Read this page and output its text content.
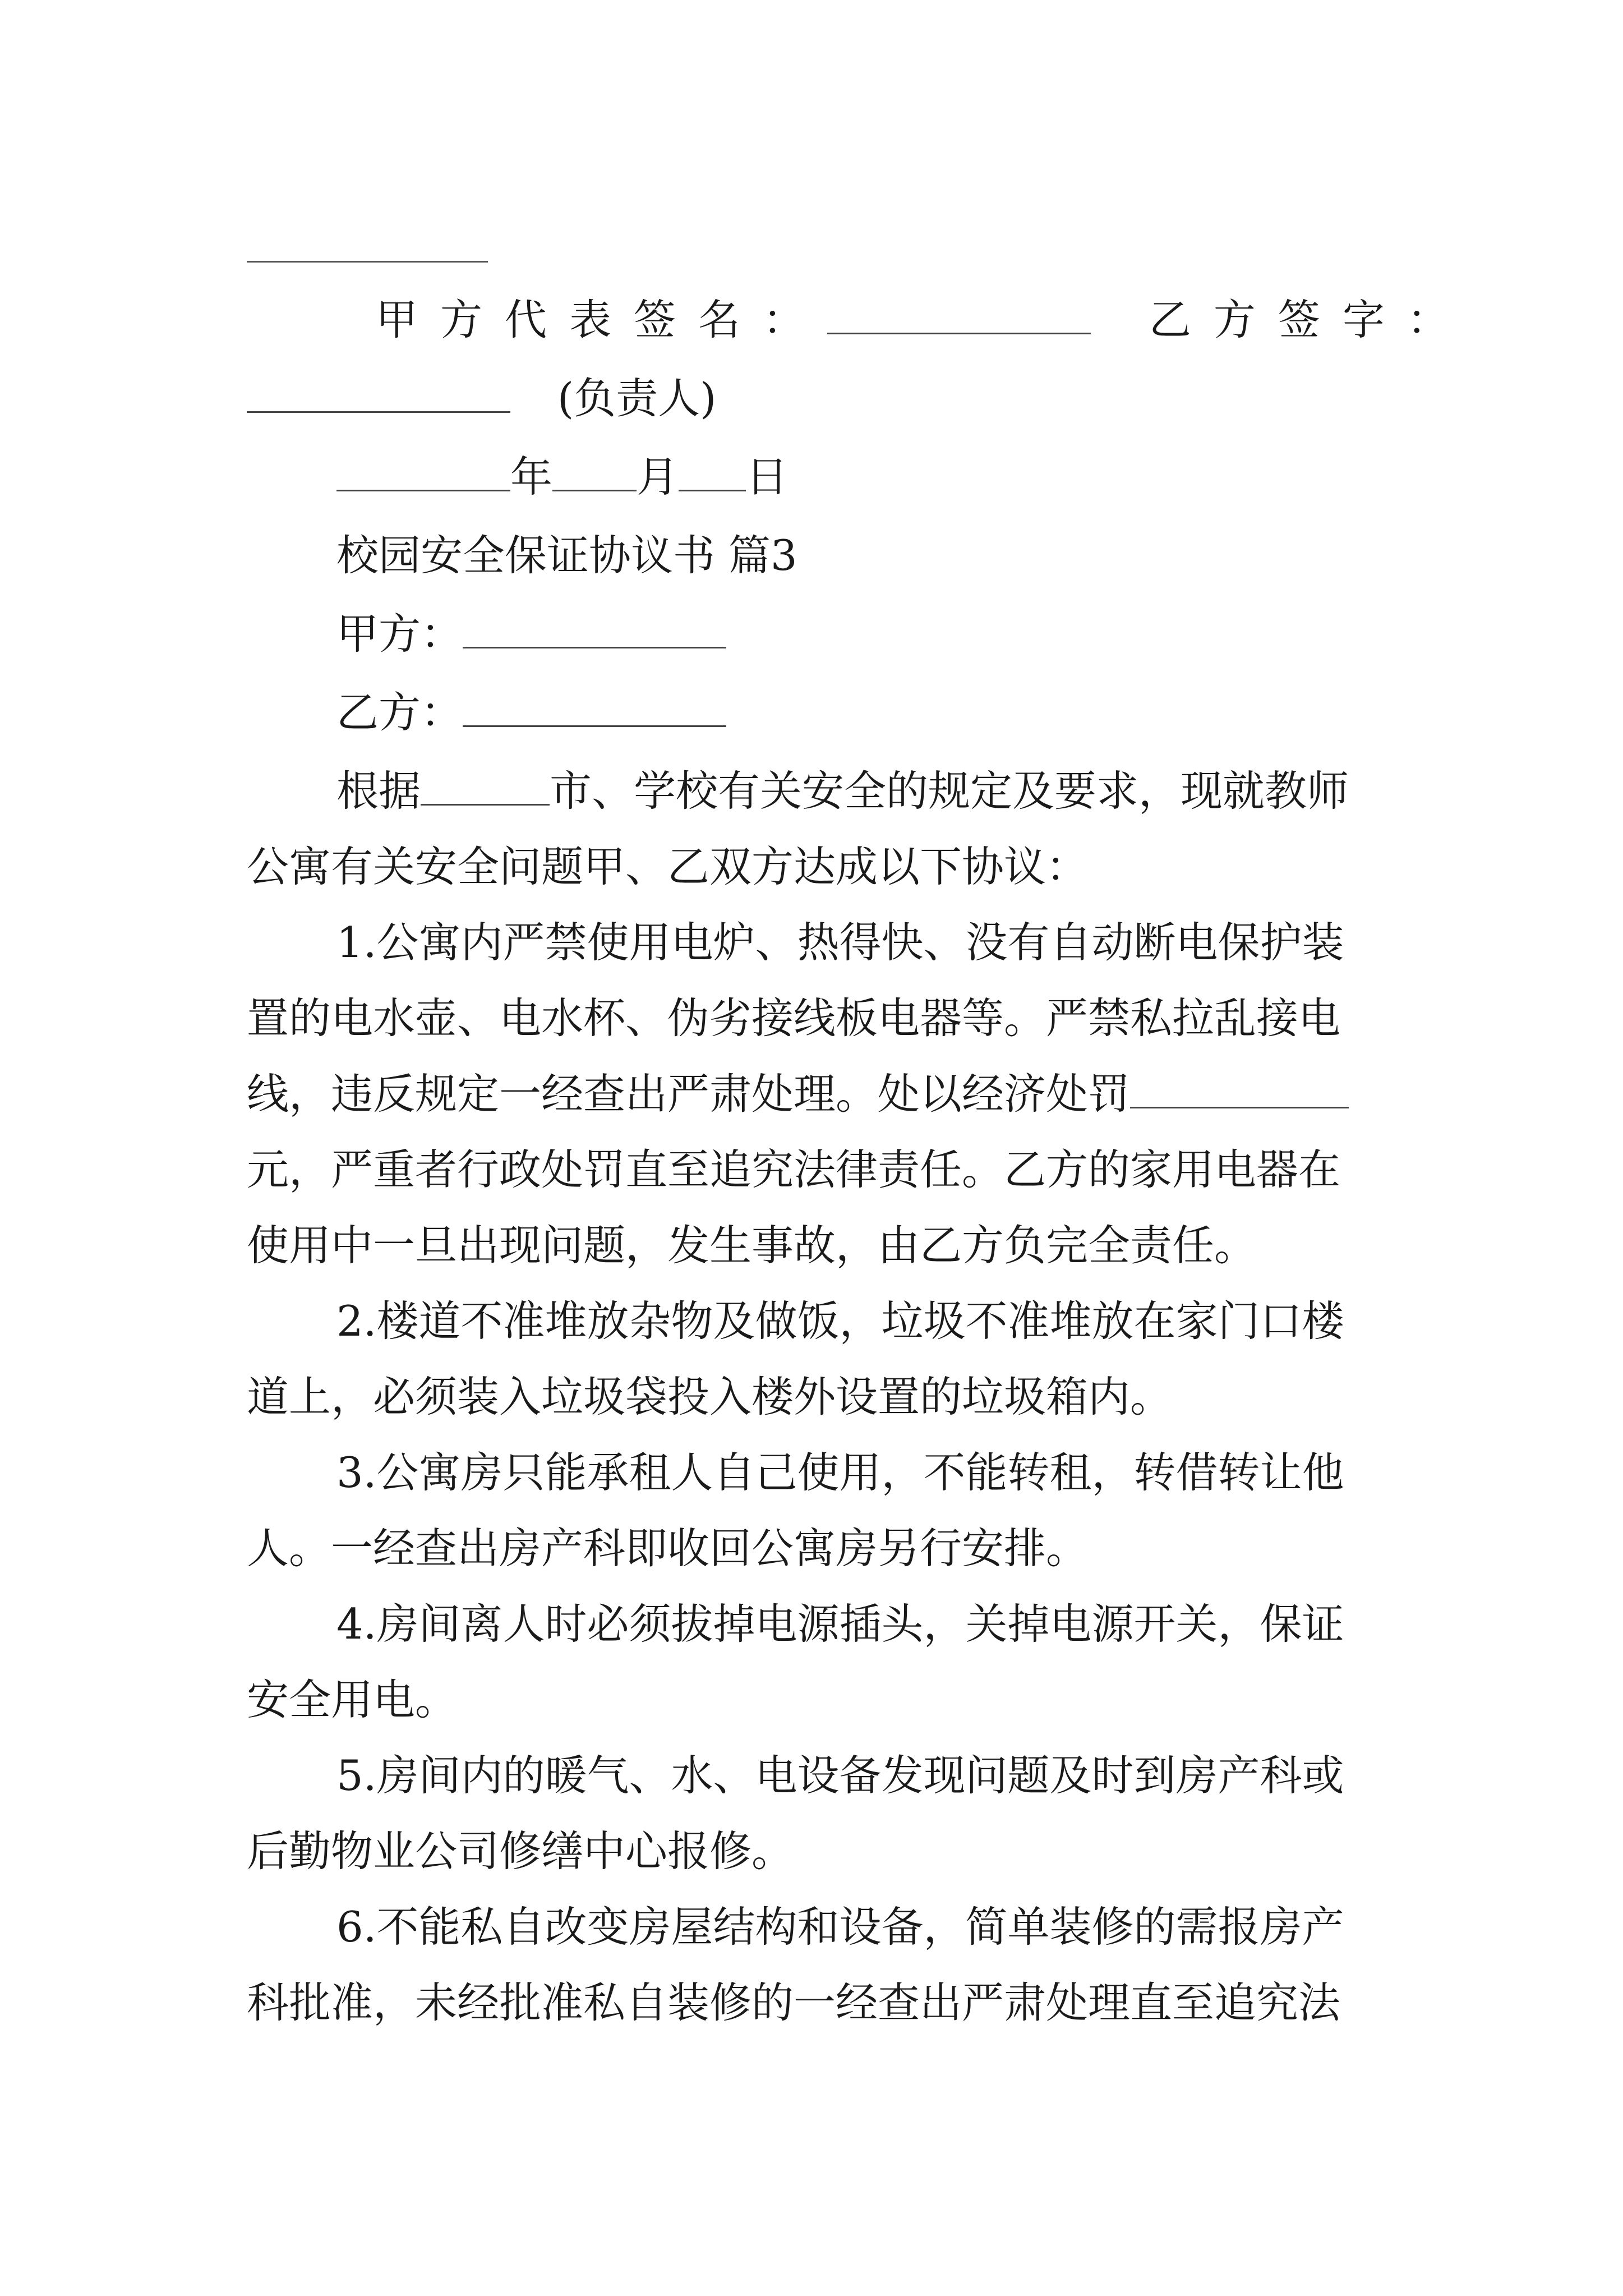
甲方代表签名：	乙方签字：
(负责人)
年 月 日
校园安全保证协议书 篇3
甲方：
乙方：
根据	市、学校有关安全的规定及要求，现就教师
公寓有关安全问题甲、乙双方达成以下协议：
1.公寓内严禁使用电炉、热得快、没有自动断电保护装
置的电水壶、电水杯、伪劣接线板电器等。严禁私拉乱接电
线，违反规定一经查出严肃处理。处以经济处罚
元，严重者行政处罚直至追究法律责任。乙方的家用电器在
使用中一旦出现问题，发生事故，由乙方负完全责任。
2.楼道不准堆放杂物及做饭，垃圾不准堆放在家门口楼
道上，必须装入垃圾袋投入楼外设置的垃圾箱内。
3.公寓房只能承租人自己使用，不能转租，转借转让他
人。一经查出房产科即收回公寓房另行安排。
4.房间离人时必须拔掉电源插头，关掉电源开关，保证
安全用电。
5.房间内的暖气、水、电设备发现问题及时到房产科或
后勤物业公司修缮中心报修。
6.不能私自改变房屋结构和设备，简单装修的需报房产
科批准，未经批准私自装修的一经查出严肃处理直至追究法
